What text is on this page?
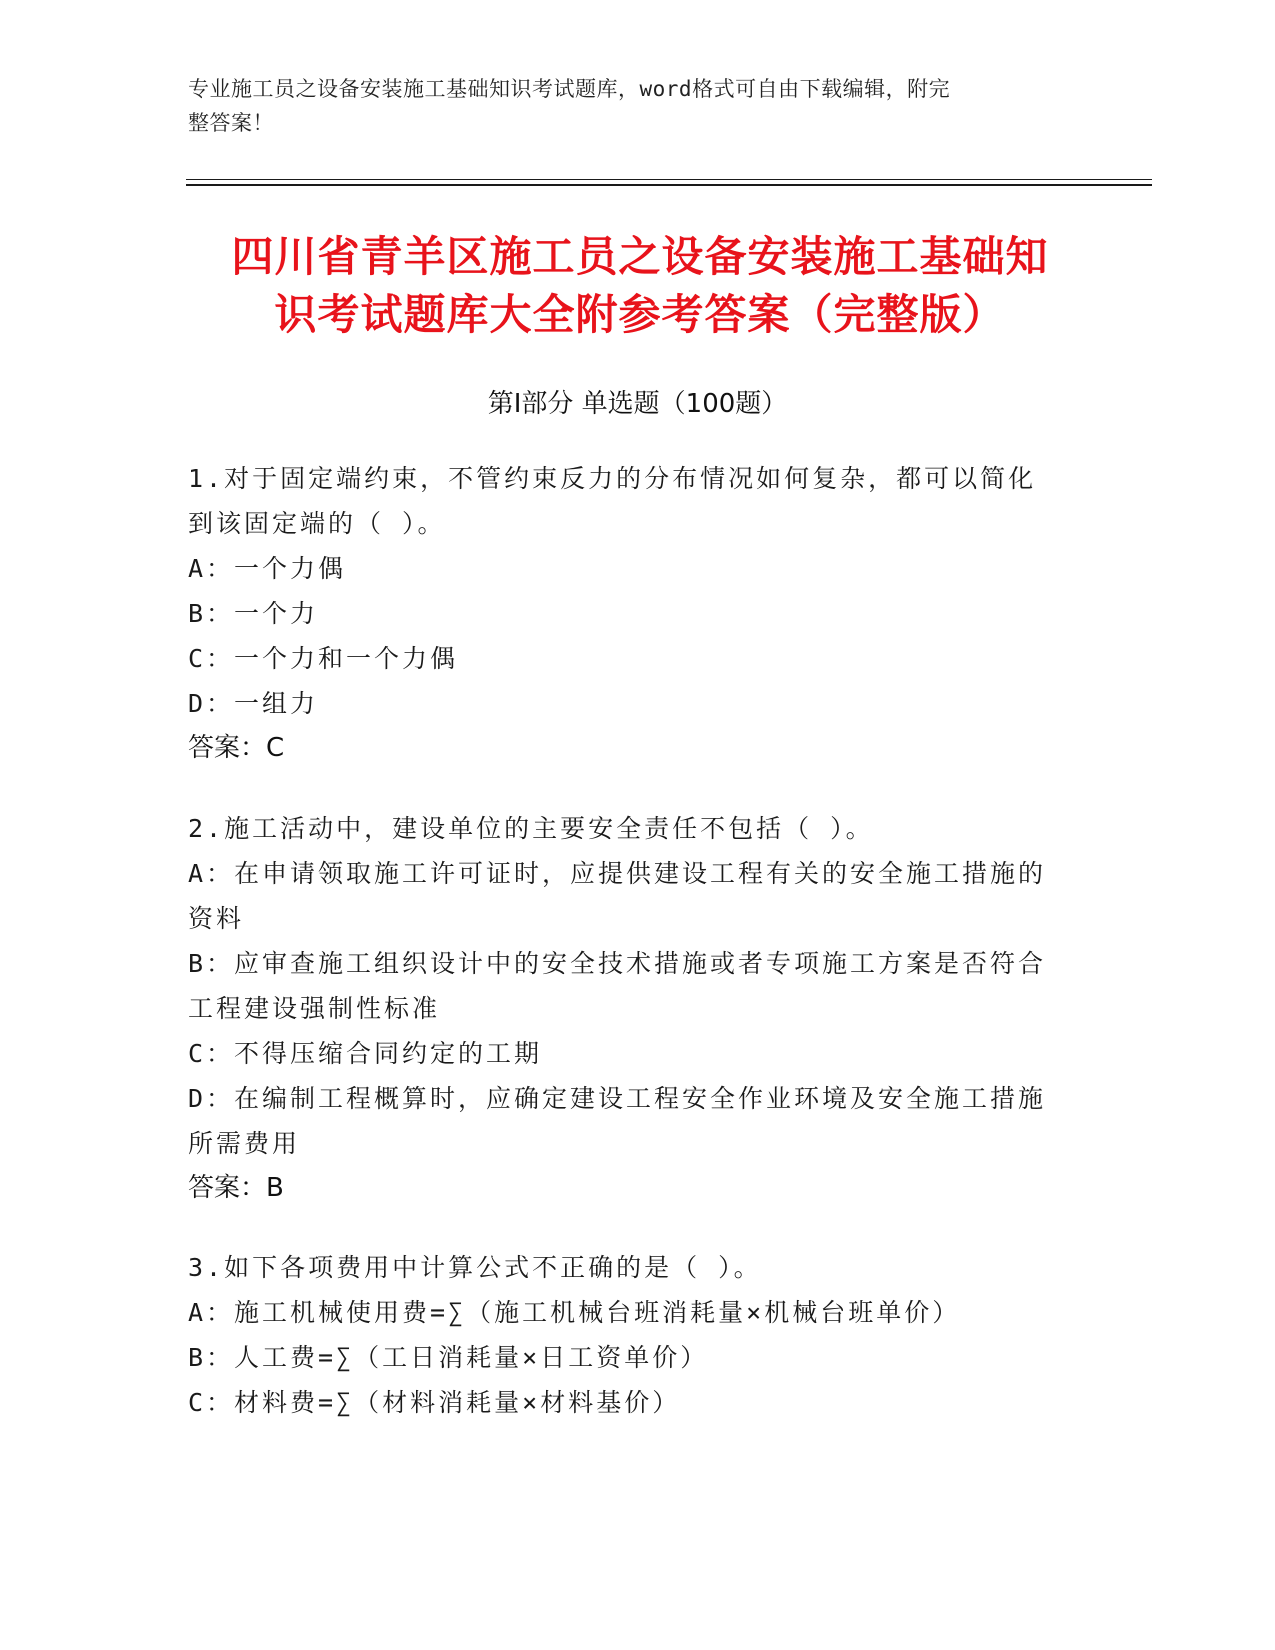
专业施工员之设备安装施工基础知识考试题库，word格式可自由下载编辑，附完
整答案！
四川省青羊区施工员之设备安装施工基础知
识考试题库大全附参考答案（完整版）
第Ⅰ部分 单选题（100题）

1.对于固定端约束，不管约束反力的分布情况如何复杂，都可以简化

到该固定端的（ ）。

A：一个力偶

B：一个力

C：一个力和一个力偶

D：一组力

答案：C

2.施工活动中，建设单位的主要安全责任不包括（ ）。

A：在申请领取施工许可证时，应提供建设工程有关的安全施工措施的

资料

B：应审查施工组织设计中的安全技术措施或者专项施工方案是否符合

工程建设强制性标准

C：不得压缩合同约定的工期

D：在编制工程概算时，应确定建设工程安全作业环境及安全施工措施

所需费用

答案：B

3.如下各项费用中计算公式不正确的是（ ）。

A：施工机械使用费=∑（施工机械台班消耗量×机械台班单价）

B：人工费=∑（工日消耗量×日工资单价）

C：材料费=∑（材料消耗量×材料基价）
